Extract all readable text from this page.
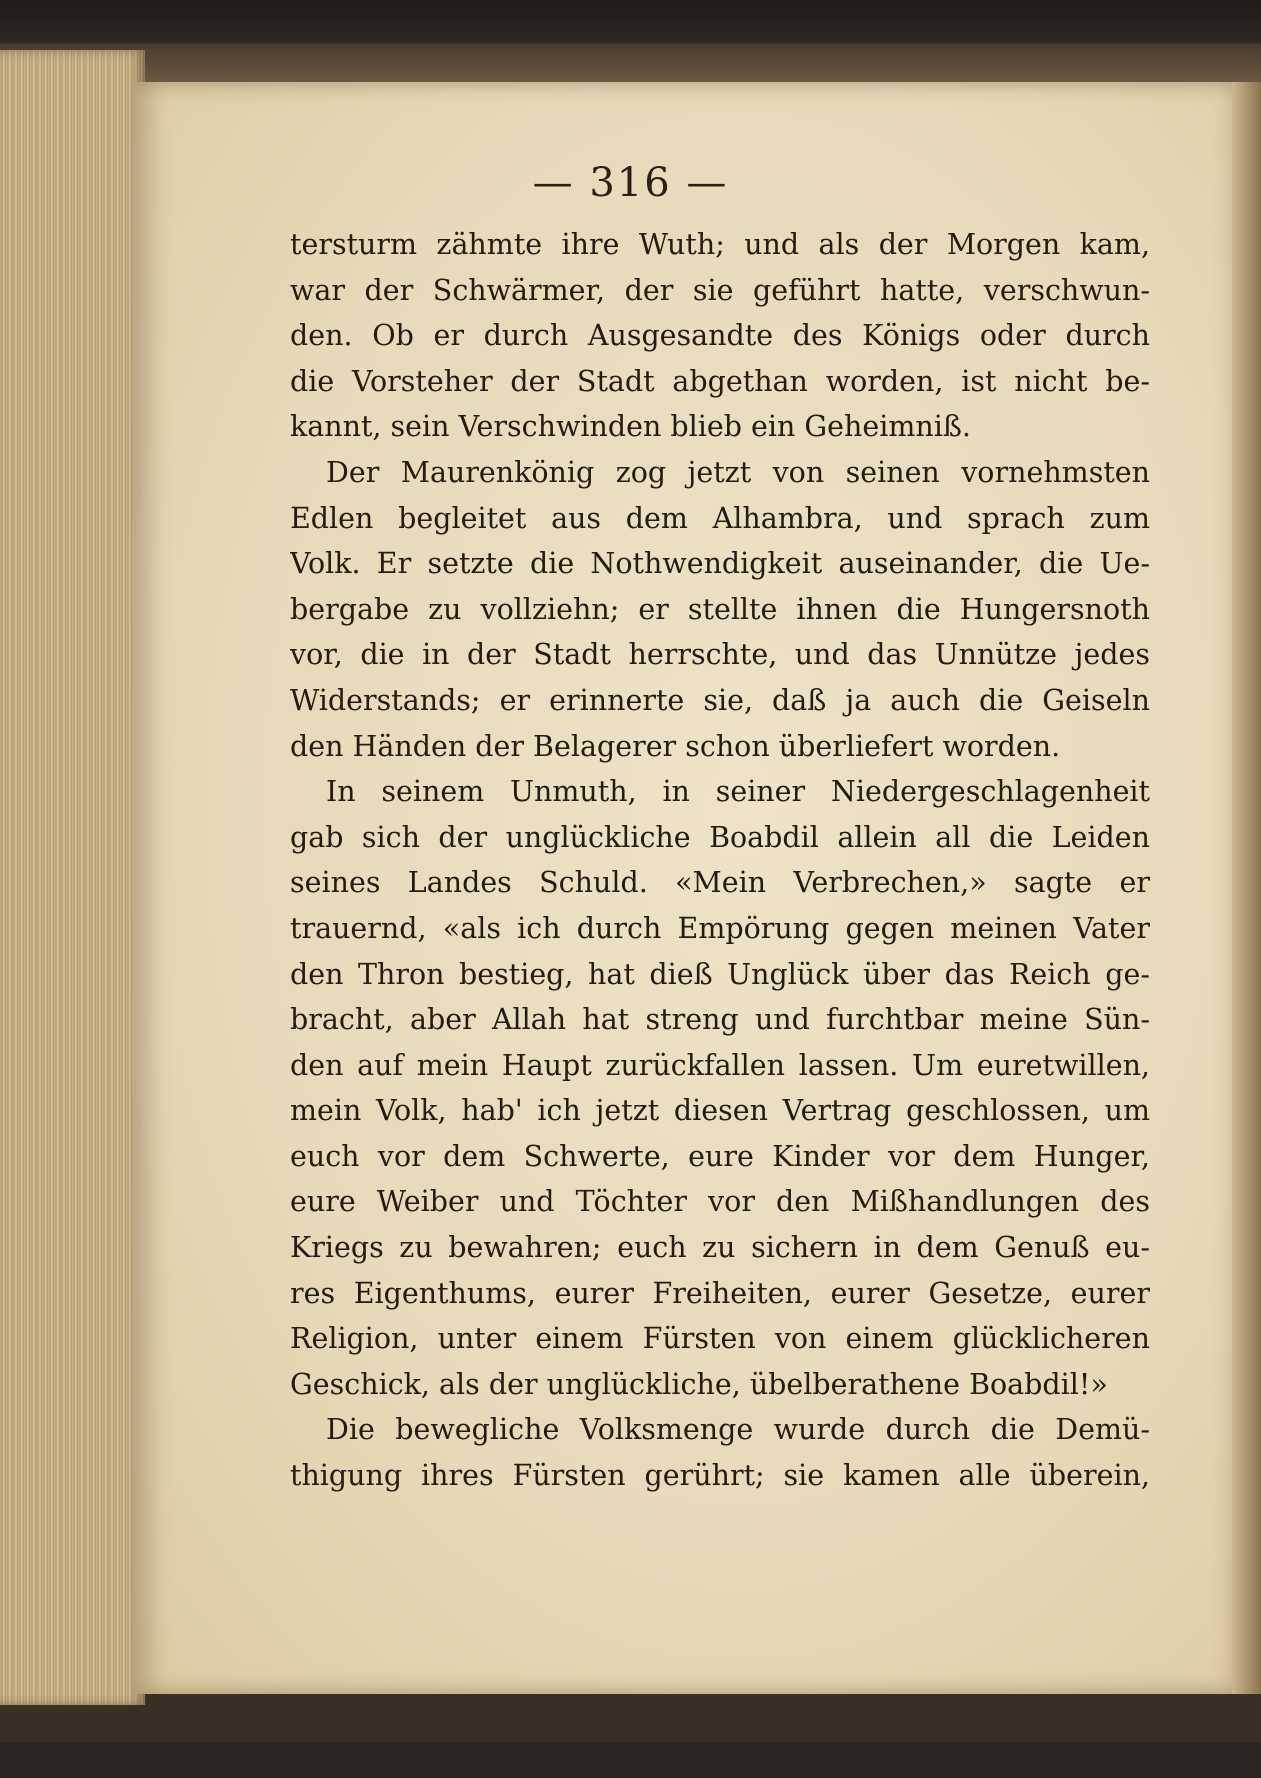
— 316 —
tersturm zähmte ihre Wuth; und als der Morgen kam,
war der Schwärmer, der sie geführt hatte, verschwun-
den. Ob er durch Ausgesandte des Königs oder durch
die Vorsteher der Stadt abgethan worden, ist nicht be-
kannt, sein Verschwinden blieb ein Geheimniß.
Der Maurenkönig zog jetzt von seinen vornehmsten
Edlen begleitet aus dem Alhambra, und sprach zum
Volk. Er setzte die Nothwendigkeit auseinander, die Ue-
bergabe zu vollziehn; er stellte ihnen die Hungersnoth
vor, die in der Stadt herrschte, und das Unnütze jedes
Widerstands; er erinnerte sie, daß ja auch die Geiseln
den Händen der Belagerer schon überliefert worden.
In seinem Unmuth, in seiner Niedergeschlagenheit
gab sich der unglückliche Boabdil allein all die Leiden
seines Landes Schuld. «Mein Verbrechen,» sagte er
trauernd, «als ich durch Empörung gegen meinen Vater
den Thron bestieg, hat dieß Unglück über das Reich ge-
bracht, aber Allah hat streng und furchtbar meine Sün-
den auf mein Haupt zurückfallen lassen. Um euretwillen,
mein Volk, hab' ich jetzt diesen Vertrag geschlossen, um
euch vor dem Schwerte, eure Kinder vor dem Hunger,
eure Weiber und Töchter vor den Mißhandlungen des
Kriegs zu bewahren; euch zu sichern in dem Genuß eu-
res Eigenthums, eurer Freiheiten, eurer Gesetze, eurer
Religion, unter einem Fürsten von einem glücklicheren
Geschick, als der unglückliche, übelberathene Boabdil!»
Die bewegliche Volksmenge wurde durch die Demü-
thigung ihres Fürsten gerührt; sie kamen alle überein,
